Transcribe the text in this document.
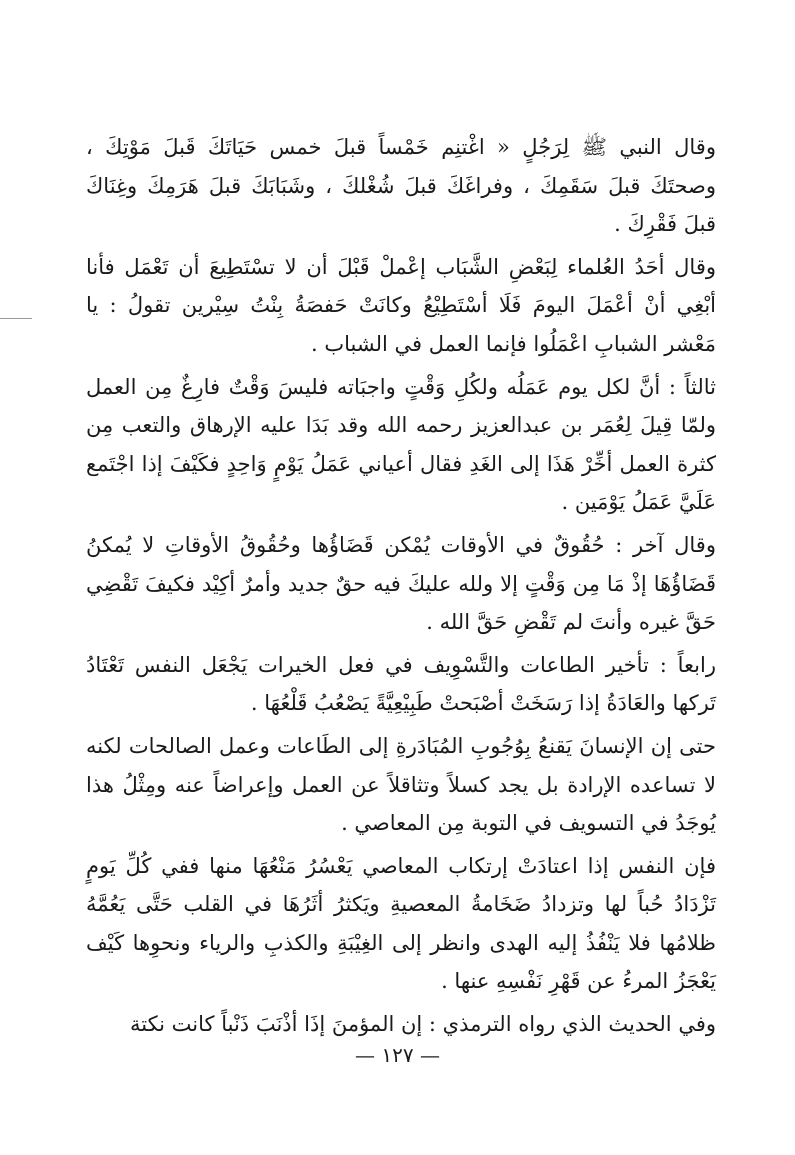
وقال النبي ﷺ لِرَجُلٍ « اغْتنِم خَمْساً قبلَ خمس حَيَاتَكَ قَبلَ مَوْتِكَ ، وصحتَكَ قبلَ سَقَمِكَ ، وفراغَكَ قبلَ شُغْلكَ ، وشَبَابَكَ قبلَ هَرَمِكَ وغِنَاكَ قبلَ فَقْرِكَ .

وقال أحَدُ العُلماء لِبَعْضِ الشَّبَاب إعْملْ قَبْلَ أن لا تسْتَطِيعَ أن تَعْمَل فأنا أبْغِي أنْ أعْمَلَ اليومَ فَلَا أسْتَطِيْعُ وكانَتْ حَفصَةُ بِنْتُ سِيْرين تقولُ : يا مَعْشر الشبابِ اعْمَلُوا فإنما العمل في الشباب .

ثالثاً : أنَّ لكل يوم عَمَلُه ولكُلِ وَقْتٍ واجبَاته فليسَ وَقْتٌ فارِغٌ مِن العمل ولمّا قِيلَ لِعُمَر بن عبدالعزيز رحمه الله وقد بَدَا عليه الإرهاق والتعب مِن كثرة العمل أخِّرْ هَذَا إلى الغَدِ فقال أعياني عَمَلُ يَوْمٍ وَاحِدٍ فكَيْفَ إذا اجْتَمع عَلَيَّ عَمَلُ يَوْمَين .

وقال آخر : حُقُوقٌ في الأوقات يُمْكن قَضَاؤُها وحُقُوقُ الأوقاتِ لا يُمكنُ قَضَاؤُهَا إذْ مَا مِن وَقْتٍ إلا ولله عليكَ فيه حقٌ جديد وأمرٌ أكِيْد فكيفَ تَقْضِي حَقَّ غيره وأنتَ لم تَقْضِ حَقَّ الله .

رابعاً : تأخير الطاعات والتَّسْوِيف في فعل الخيرات يَجْعَل النفس تَعْتَادُ تَركها والعَادَةُ إذا رَسَخَتْ أصْبَحتْ طَبِيْعِيَّةً يَصْعُبُ قَلْعُهَا .

حتى إن الإنسانَ يَقنعُ بِوُجُوبِ المُبَادَرةِ إلى الطَاعات وعمل الصالحات لكنه لا تساعده الإرادة بل يجد كسلاً وتثاقلاً عن العمل وإعراضاً عنه ومِثْلُ هذا يُوجَدُ في التسويف في التوبة مِن المعاصي .

فإن النفس إذا اعتادَتْ إرتكاب المعاصي يَعْسُرُ مَنْعُهَا منها ففي كُلِّ يَومٍ تَزْدَادُ حُباً لها وتزدادُ ضَخَامةُ المعصيةِ ويَكثرُ أثَرُهَا في القلب حَتَّى يَعُمَّهُ ظلامُها فلا يَنْفُذُ إليه الهدى وانظر إلى الغِيْبَةِ والكذبِ والرياء ونحوِها كَيْف يَعْجَزُ المرءُ عن قَهْرِ نَفْسِهِ عنها .

وفي الحديث الذي رواه الترمذي : إن المؤمنَ إذَا أذْنَبَ ذَنْباً كانت نكتة

— ١٢٧ —
